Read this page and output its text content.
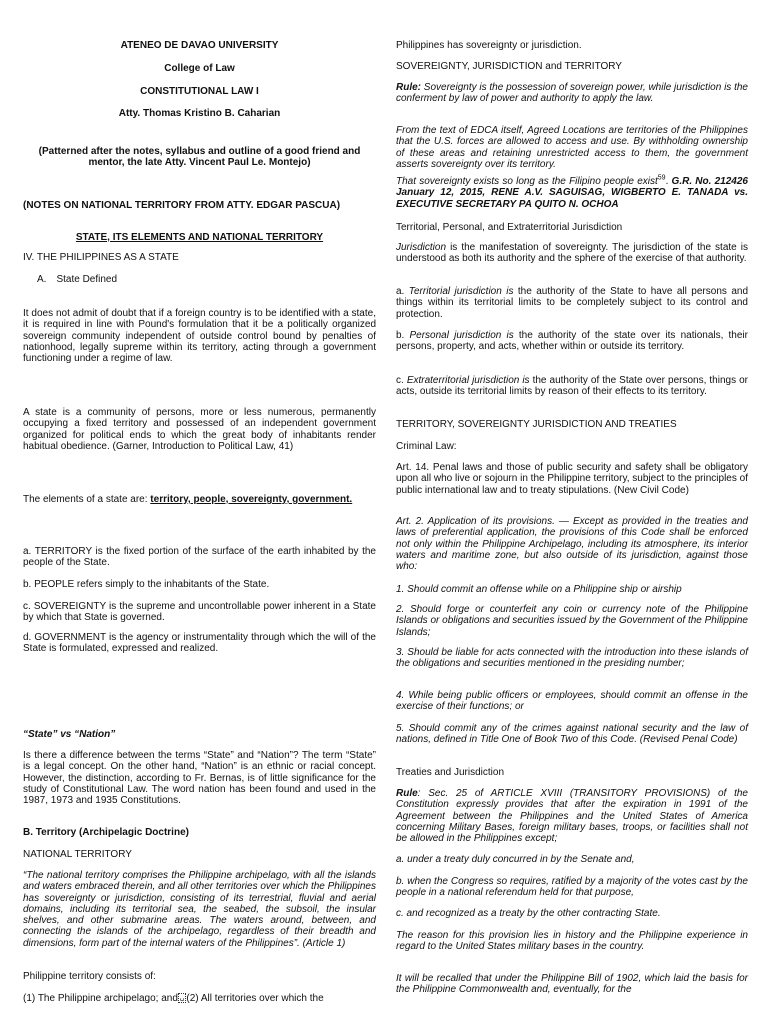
ATENEO DE DAVAO UNIVERSITY

College of Law

CONSTITUTIONAL LAW I

Atty. Thomas Kristino B. Caharian

(Patterned after the notes, syllabus and outline of a good friend and mentor, the late Atty. Vincent Paul Le. Montejo)

(NOTES ON NATIONAL TERRITORY FROM ATTY. EDGAR PASCUA)

STATE, ITS ELEMENTS AND NATIONAL TERRITORY

IV. THE PHILIPPINES AS A STATE

A. State Defined

It does not admit of doubt that if a foreign country is to be identified with a state, it is required in line with Pound's formulation that it be a politically organized sovereign community independent of outside control bound by penalties of nationhood, legally supreme within its territory, acting through a government functioning under a regime of law.

A state is a community of persons, more or less numerous, permanently occupying a fixed territory and possessed of an independent government organized for political ends to which the great body of inhabitants render habitual obedience. (Garner, Introduction to Political Law, 41)

The elements of a state are: territory, people, sovereignty, government.

a. TERRITORY is the fixed portion of the surface of the earth inhabited by the people of the State.

b. PEOPLE refers simply to the inhabitants of the State.

c. SOVEREIGNTY is the supreme and uncontrollable power inherent in a State by which that State is governed.

d. GOVERNMENT is the agency or instrumentality through which the will of the State is formulated, expressed and realized.

“State” vs “Nation”

Is there a difference between the terms “State” and “Nation”? The term “State” is a legal concept. On the other hand, “Nation” is an ethnic or racial concept. However, the distinction, according to Fr. Bernas, is of little significance for the study of Constitutional Law. The word nation has been found and used in the 1987, 1973 and 1935 Constitutions.

B. Territory (Archipelagic Doctrine)

NATIONAL TERRITORY

“The national territory comprises the Philippine archipelago, with all the islands and waters embraced therein, and all other territories over which the Philippines has sovereignty or jurisdiction, consisting of its terrestrial, fluvial and aerial domains, including its territorial sea, the seabed, the subsoil, the insular shelves, and other submarine areas. The waters around, between, and connecting the islands of the archipelago, regardless of their breadth and dimensions, form part of the internal waters of the Philippines”. (Article 1)

Philippine territory consists of:

(1) The Philippine archipelago; and ␣ (2) All territories over which the

Philippines has sovereignty or jurisdiction.

SOVEREIGNTY, JURISDICTION and TERRITORY

Rule: Sovereignty is the possession of sovereign power, while jurisdiction is the conferment by law of power and authority to apply the law.

From the text of EDCA itself, Agreed Locations are territories of the Philippines that the U.S. forces are allowed to access and use. By withholding ownership of these areas and retaining unrestricted access to them, the government asserts sovereignty over its territory.

That sovereignty exists so long as the Filipino people exist$^{59}$. G.R. No. 212426 January 12, 2015, RENE A.V. SAGUISAG, WIGBERTO E. TANADA vs. EXECUTIVE SECRETARY PA QUITO N. OCHOA

Territorial, Personal, and Extraterritorial Jurisdiction

Jurisdiction is the manifestation of sovereignty. The jurisdiction of the state is understood as both its authority and the sphere of the exercise of that authority.

a. Territorial jurisdiction is the authority of the State to have all persons and things within its territorial limits to be completely subject to its control and protection.

b. Personal jurisdiction is the authority of the state over its nationals, their persons, property, and acts, whether within or outside its territory.

c. Extraterritorial jurisdiction is the authority of the State over persons, things or acts, outside its territorial limits by reason of their effects to its territory.

TERRITORY, SOVEREIGNTY JURISDICTION AND TREATIES

Criminal Law:

Art. 14. Penal laws and those of public security and safety shall be obligatory upon all who live or sojourn in the Philippine territory, subject to the principles of public international law and to treaty stipulations. (New Civil Code)

Art. 2. Application of its provisions. — Except as provided in the treaties and laws of preferential application, the provisions of this Code shall be enforced not only within the Philippine Archipelago, including its atmosphere, its interior waters and maritime zone, but also outside of its jurisdiction, against those who:

1. Should commit an offense while on a Philippine ship or airship

2. Should forge or counterfeit any coin or currency note of the Philippine Islands or obligations and securities issued by the Government of the Philippine Islands;

3. Should be liable for acts connected with the introduction into these islands of the obligations and securities mentioned in the presiding number;

4. While being public officers or employees, should commit an offense in the exercise of their functions; or

5. Should commit any of the crimes against national security and the law of nations, defined in Title One of Book Two of this Code. (Revised Penal Code)

Treaties and Jurisdiction

Rule: Sec. 25 of ARTICLE XVIII (TRANSITORY PROVISIONS) of the Constitution expressly provides that after the expiration in 1991 of the Agreement between the Philippines and the United States of America concerning Military Bases, foreign military bases, troops, or facilities shall not be allowed in the Philippines except;

a. under a treaty duly concurred in by the Senate and,

b. when the Congress so requires, ratified by a majority of the votes cast by the people in a national referendum held for that purpose,

c. and recognized as a treaty by the other contracting State.

The reason for this provision lies in history and the Philippine experience in regard to the United States military bases in the country.

It will be recalled that under the Philippine Bill of 1902, which laid the basis for the Philippine Commonwealth and, eventually, for the
